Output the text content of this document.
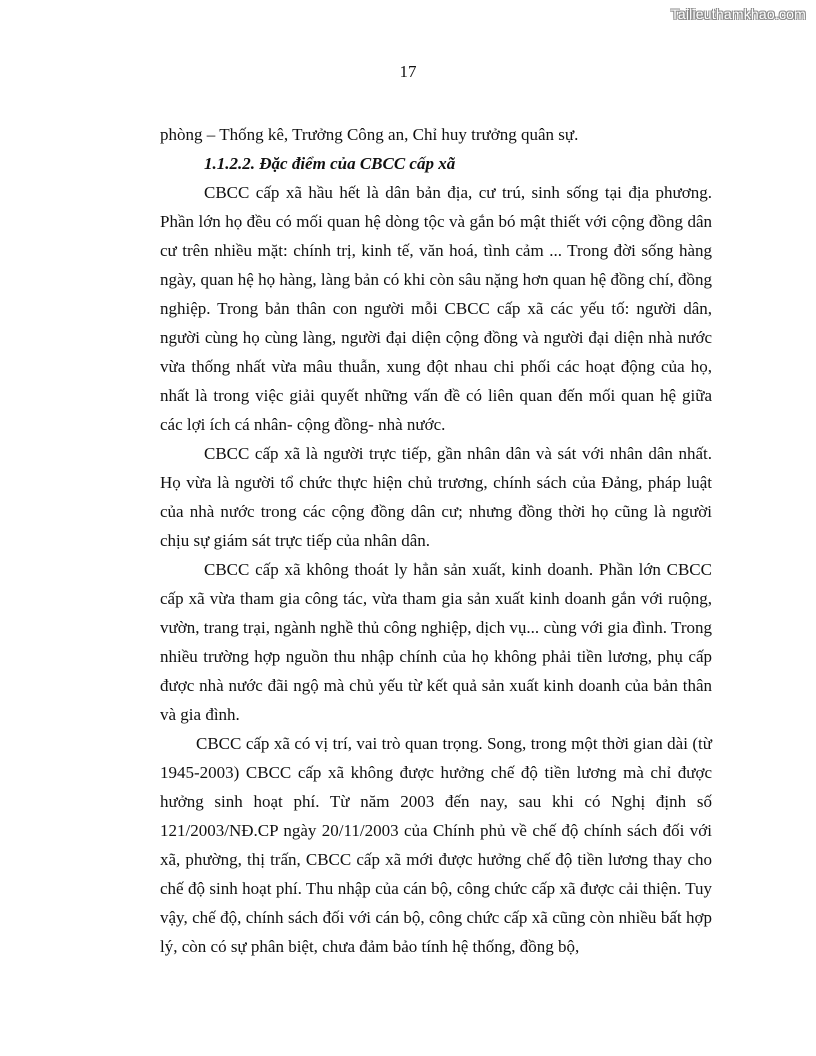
Tailieuthamkhao.com
17

phòng – Thống kê, Trưởng Công an, Chỉ huy trưởng quân sự.

1.1.2.2. Đặc điểm của CBCC cấp xã

CBCC cấp xã hầu hết là dân bản địa, cư trú, sinh sống tại địa phương. Phần lớn họ đều có mối quan hệ dòng tộc và gắn bó mật thiết với cộng đồng dân cư trên nhiều mặt: chính trị, kinh tế, văn hoá, tình cảm ... Trong đời sống hàng ngày, quan hệ họ hàng, làng bản có khi còn sâu nặng hơn quan hệ đồng chí, đồng nghiệp. Trong bản thân con người mỗi CBCC cấp xã các yếu tố: người dân, người cùng họ cùng làng, người đại diện cộng đồng và người đại diện nhà nước vừa thống nhất vừa mâu thuẫn, xung đột nhau chi phối các hoạt động của họ, nhất là trong việc giải quyết những vấn đề có liên quan đến mối quan hệ giữa các lợi ích cá nhân- cộng đồng- nhà nước.

CBCC cấp xã là người trực tiếp, gần nhân dân và sát với nhân dân nhất. Họ vừa là người tổ chức thực hiện chủ trương, chính sách của Đảng, pháp luật của nhà nước trong các cộng đồng dân cư; nhưng đồng thời họ cũng là người chịu sự giám sát trực tiếp của nhân dân.

CBCC cấp xã không thoát ly hẳn sản xuất, kinh doanh. Phần lớn CBCC cấp xã vừa tham gia công tác, vừa tham gia sản xuất kinh doanh gắn với ruộng, vườn, trang trại, ngành nghề thủ công nghiệp, dịch vụ... cùng với gia đình. Trong nhiều trường hợp nguồn thu nhập chính của họ không phải tiền lương, phụ cấp được nhà nước đãi ngộ mà chủ yếu từ kết quả sản xuất kinh doanh của bản thân và gia đình.

CBCC cấp xã có vị trí, vai trò quan trọng. Song, trong một thời gian dài (từ 1945-2003) CBCC cấp xã không được hưởng chế độ tiền lương mà chỉ được hưởng sinh hoạt phí. Từ năm 2003 đến nay, sau khi có Nghị định số 121/2003/NĐ.CP ngày 20/11/2003 của Chính phủ về chế độ chính sách đối với xã, phường, thị trấn, CBCC cấp xã mới được hưởng chế độ tiền lương thay cho chế độ sinh hoạt phí. Thu nhập của cán bộ, công chức cấp xã được cải thiện. Tuy vậy, chế độ, chính sách đối với cán bộ, công chức cấp xã cũng còn nhiều bất hợp lý, còn có sự phân biệt, chưa đảm bảo tính hệ thống, đồng bộ,
